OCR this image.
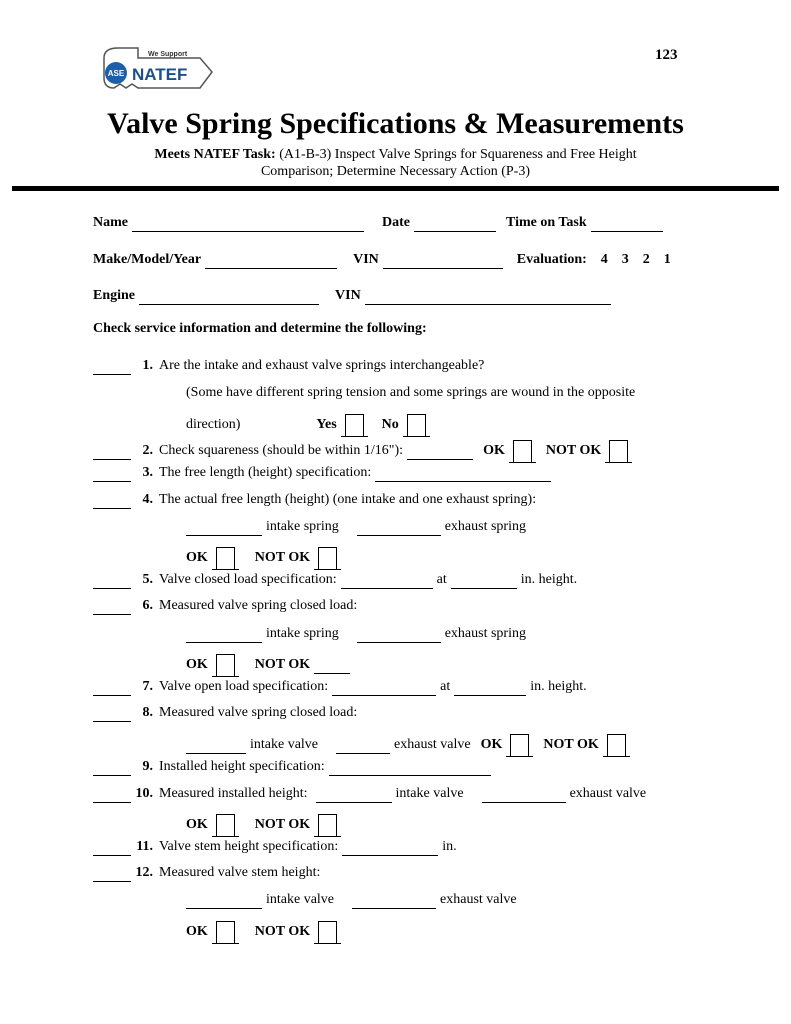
ASE NATEF
We Support	123
Valve Spring Specifications & Measurements
Meets NATEF Task: (A1-B-3) Inspect Valve Springs for Squareness and Free Height
Comparison; Determine Necessary Action (P-3)
Name	Date	Time on Task
Make/Model/Year	VIN	Evaluation: 4 3 2 1
Engine	VIN
Check service information and determine the following:
1. Are the intake and exhaust valve springs interchangeable?
(Some have different spring tension and some springs are wound in the opposite
direction)	Yes	No
2. Check squareness (should be within 1/16"):	OK	NOT OK
3. The free length (height) specification:
4. The actual free length (height) (one intake and one exhaust spring):
intake spring	exhaust spring
OK	NOT OK
5. Valve closed load specification:	at	in. height.
6. Measured valve spring closed load:
intake spring	exhaust spring
OK	NOT OK
7. Valve open load specification:	at	in. height.
8. Measured valve spring closed load:
intake valve	exhaust valve OK	NOT OK
9. Installed height specification:
10. Measured installed height:	intake valve	exhaust valve
OK	NOT OK
11. Valve stem height specification:	in.
12. Measured valve stem height:
intake valve	exhaust valve
OK	NOT OK
